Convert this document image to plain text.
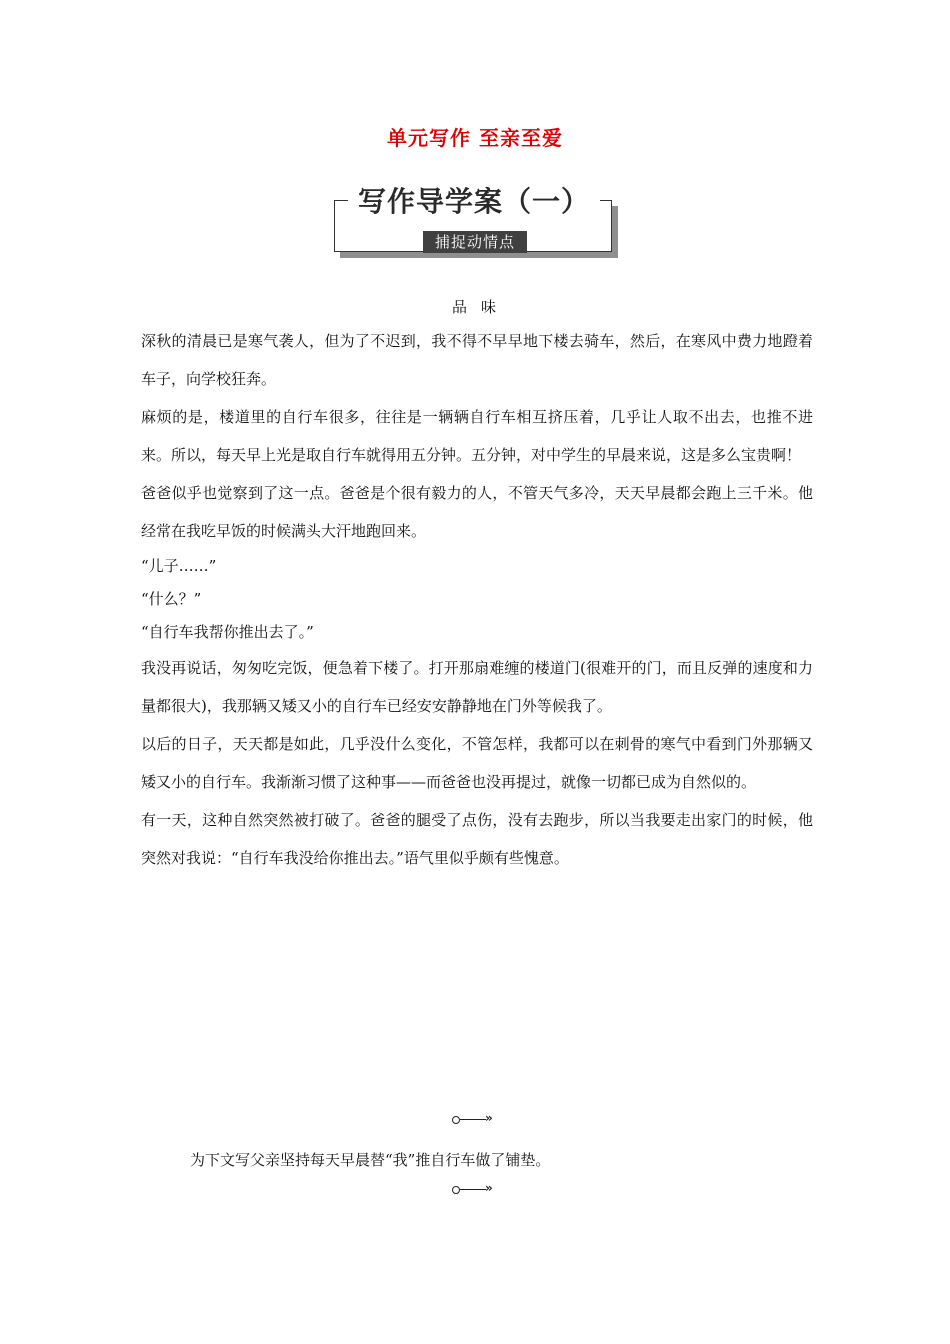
单元写作 至亲至爱
写作导学案（一）
捕捉动情点
品 味

深秋的清晨已是寒气袭人，但为了不迟到，我不得不早早地下楼去骑车，然后，在寒风中费力地蹬着车子，向学校狂奔。

麻烦的是，楼道里的自行车很多，往往是一辆辆自行车相互挤压着，几乎让人取不出去，也推不进来。所以，每天早上光是取自行车就得用五分钟。五分钟，对中学生的早晨来说，这是多么宝贵啊！

爸爸似乎也觉察到了这一点。爸爸是个很有毅力的人，不管天气多冷，天天早晨都会跑上三千米。他经常在我吃早饭的时候满头大汗地跑回来。

“儿子……”

“什么？”

“自行车我帮你推出去了。”

我没再说话，匆匆吃完饭，便急着下楼了。打开那扇难缠的楼道门(很难开的门，而且反弹的速度和力量都很大)，我那辆又矮又小的自行车已经安安静静地在门外等候我了。

以后的日子，天天都是如此，几乎没什么变化，不管怎样，我都可以在刺骨的寒气中看到门外那辆又矮又小的自行车。我渐渐习惯了这种事——而爸爸也没再提过，就像一切都已成为自然似的。

有一天，这种自然突然被打破了。爸爸的腿受了点伤，没有去跑步，所以当我要走出家门的时候，他突然对我说：“自行车我没给你推出去。”语气里似乎颇有些愧意。

»
为下文写父亲坚持每天早晨替“我”推自行车做了铺垫。
»
